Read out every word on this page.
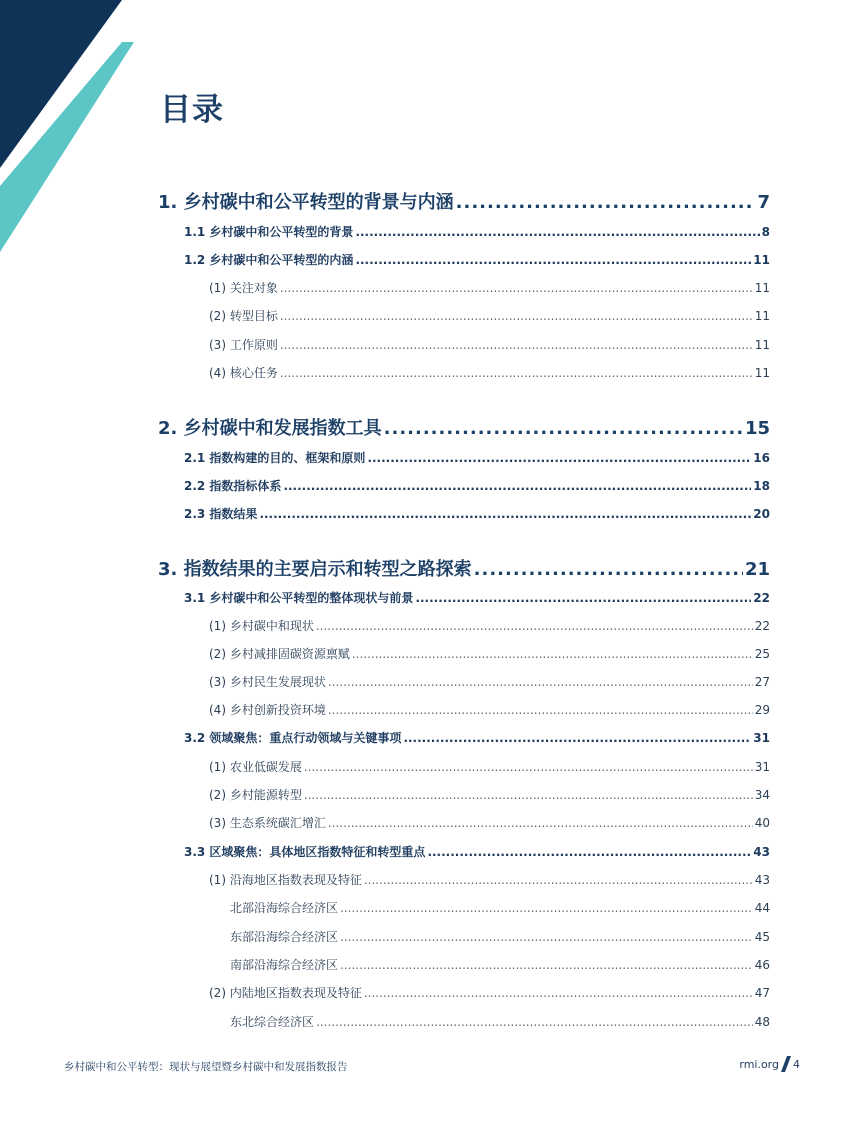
目录
1. 乡村碳中和公平转型的背景与内涵 .....	7
1.1 乡村碳中和公平转型的背景 .....	8
1.2 乡村碳中和公平转型的内涵 .....	11
(1) 关注对象 .....	11
(2) 转型目标 .....	11
(3) 工作原则 .....	11
(4) 核心任务 .....	11
2. 乡村碳中和发展指数工具 .....	15
2.1 指数构建的目的、框架和原则 .....	16
2.2 指数指标体系 .....	18
2.3 指数结果 .....	20
3. 指数结果的主要启示和转型之路探索 .....	21
3.1 乡村碳中和公平转型的整体现状与前景 .....	22
(1) 乡村碳中和现状 .....	22
(2) 乡村减排固碳资源禀赋 .....	25
(3) 乡村民生发展现状 .....	27
(4) 乡村创新投资环境 .....	29
3.2 领域聚焦：重点行动领域与关键事项 .....	31
(1) 农业低碳发展 .....	31
(2) 乡村能源转型 .....	34
(3) 生态系统碳汇增汇 .....	40
3.3 区域聚焦：具体地区指数特征和转型重点 .....	43
(1) 沿海地区指数表现及特征 .....	43
北部沿海综合经济区 .....	44
东部沿海综合经济区 .....	45
南部沿海综合经济区 .....	46
(2) 内陆地区指数表现及特征 .....	47
东北综合经济区 .....	48
乡村碳中和公平转型：现状与展望暨乡村碳中和发展指数报告	rmi.org 4
